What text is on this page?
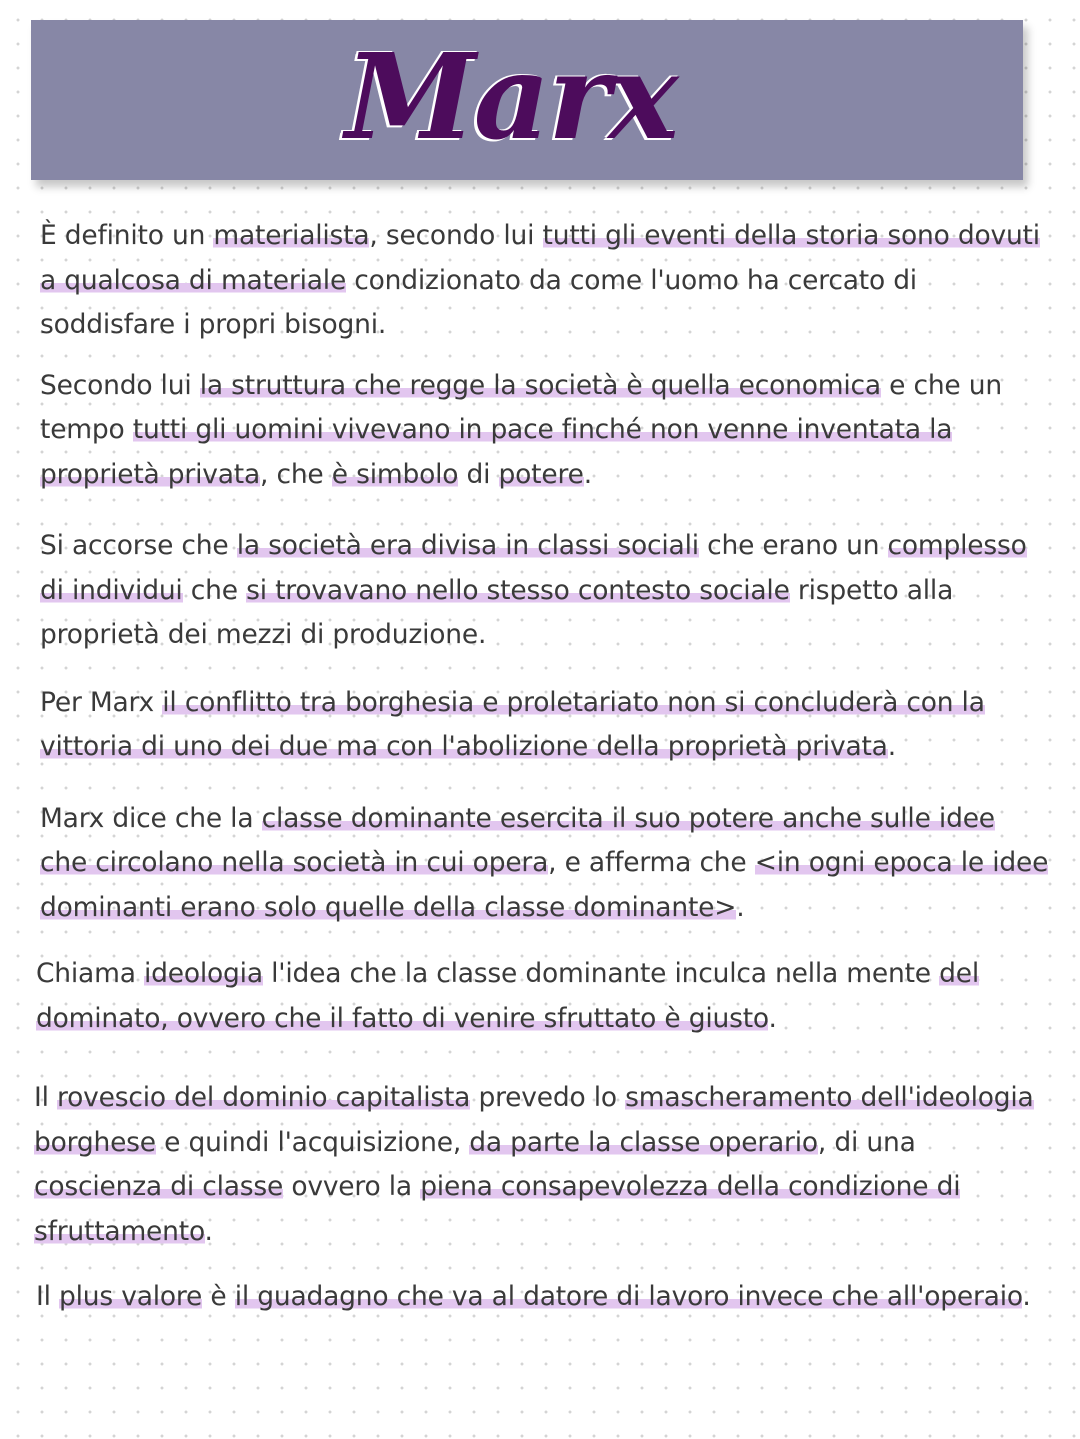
Marx

È definito un materialista, secondo lui tutti gli eventi della storia sono dovuti a qualcosa di materiale condizionato da come l'uomo ha cercato di soddisfare i propri bisogni.

Secondo lui la struttura che regge la società è quella economica e che un tempo tutti gli uomini vivevano in pace finché non venne inventata la proprietà privata, che è simbolo di potere.

Si accorse che la società era divisa in classi sociali che erano un complesso di individui che si trovavano nello stesso contesto sociale rispetto alla proprietà dei mezzi di produzione.

Per Marx il conflitto tra borghesia e proletariato non si concluderà con la vittoria di uno dei due ma con l'abolizione della proprietà privata.

Marx dice che la classe dominante esercita il suo potere anche sulle idee che circolano nella società in cui opera, e afferma che <in ogni epoca le idee dominanti erano solo quelle della classe dominante>.

Chiama ideologia l'idea che la classe dominante inculca nella mente del dominato, ovvero che il fatto di venire sfruttato è giusto.

Il rovescio del dominio capitalista prevedo lo smascheramento dell'ideologia borghese e quindi l'acquisizione, da parte la classe operario, di una coscienza di classe ovvero la piena consapevolezza della condizione di sfruttamento.

Il plus valore è il guadagno che va al datore di lavoro invece che all'operaio.
